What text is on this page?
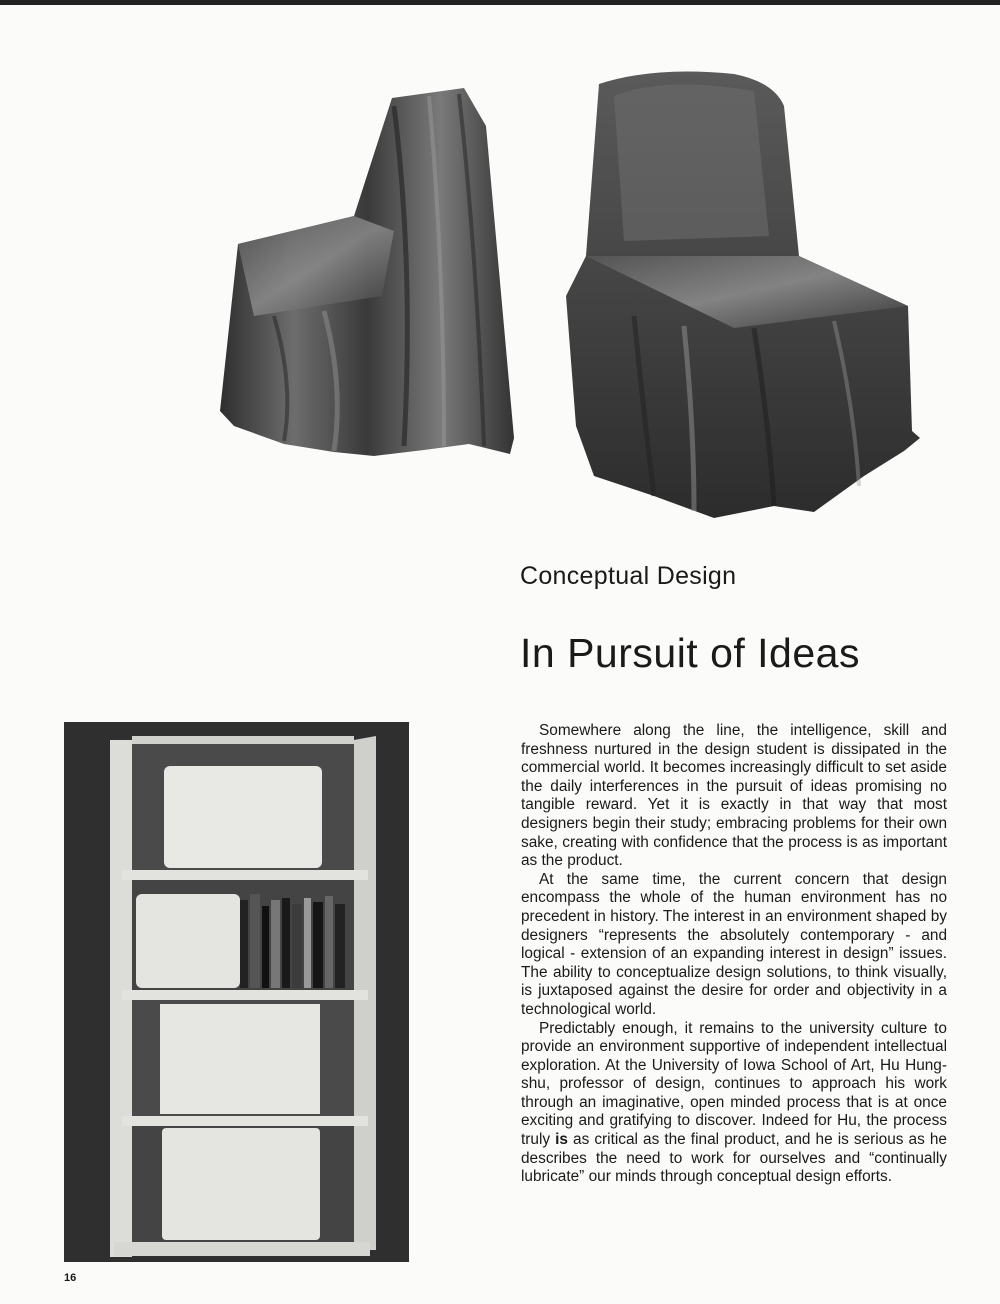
Conceptual Design
In Pursuit of Ideas

Somewhere along the line, the intelligence, skill and freshness nurtured in the design student is dissipated in the commercial world. It becomes increasingly difficult to set aside the daily interferences in the pursuit of ideas promising no tangible reward. Yet it is exactly in that way that most designers begin their study; embracing problems for their own sake, creating with confidence that the process is as important as the product.

At the same time, the current concern that design encompass the whole of the human environment has no precedent in history. The interest in an environment shaped by designers “represents the absolutely contemporary - and logical - extension of an expanding interest in design” issues. The ability to conceptualize design solutions, to think visually, is juxtaposed against the desire for order and objectivity in a technological world.

Predictably enough, it remains to the university culture to provide an environment supportive of independent intellectual exploration. At the University of Iowa School of Art, Hu Hung-shu, professor of design, continues to approach his work through an imaginative, open minded process that is at once exciting and gratifying to discover. Indeed for Hu, the process truly is as critical as the final product, and he is serious as he describes the need to work for ourselves and “continually lubricate” our minds through conceptual design efforts.

16
